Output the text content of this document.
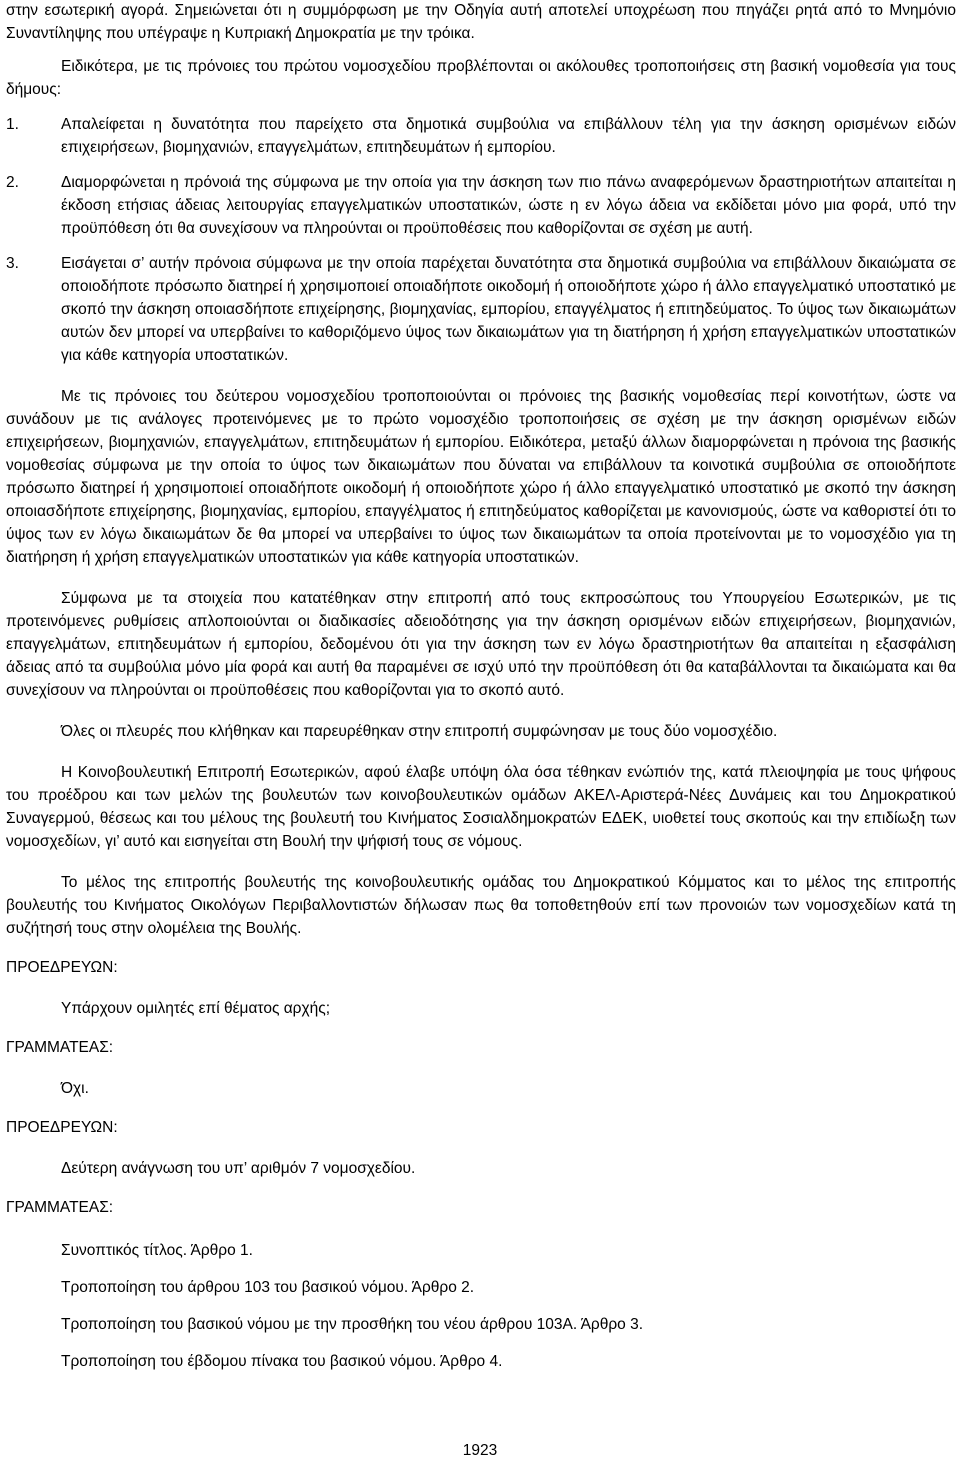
στην εσωτερική αγορά. Σημειώνεται ότι η συμμόρφωση με την Οδηγία αυτή αποτελεί υποχρέωση που πηγάζει ρητά από το Μνημόνιο Συναντίληψης που υπέγραψε η Κυπριακή Δημοκρατία με την τρόικα.

Ειδικότερα, με τις πρόνοιες του πρώτου νομοσχεδίου προβλέπονται οι ακόλουθες τροποποιήσεις στη βασική νομοθεσία για τους δήμους:

1.	Απαλείφεται η δυνατότητα που παρείχετο στα δημοτικά συμβούλια να επιβάλλουν τέλη για την άσκηση ορισμένων ειδών επιχειρήσεων, βιομηχανιών, επαγγελμάτων, επιτηδευμάτων ή εμπορίου.
2.	Διαμορφώνεται η πρόνοιά της σύμφωνα με την οποία για την άσκηση των πιο πάνω αναφερόμενων δραστηριοτήτων απαιτείται η έκδοση ετήσιας άδειας λειτουργίας επαγγελματικών υποστατικών, ώστε η εν λόγω άδεια να εκδίδεται μόνο μια φορά, υπό την προϋπόθεση ότι θα συνεχίσουν να πληρούνται οι προϋποθέσεις που καθορίζονται σε σχέση με αυτή.
3.	Εισάγεται σ’ αυτήν πρόνοια σύμφωνα με την οποία παρέχεται δυνατότητα στα δημοτικά συμβούλια να επιβάλλουν δικαιώματα σε οποιοδήποτε πρόσωπο διατηρεί ή χρησιμοποιεί οποιαδήποτε οικοδομή ή οποιοδήποτε χώρο ή άλλο επαγγελματικό υποστατικό με σκοπό την άσκηση οποιασδήποτε επιχείρησης, βιομηχανίας, εμπορίου, επαγγέλματος ή επιτηδεύματος. Το ύψος των δικαιωμάτων αυτών δεν μπορεί να υπερβαίνει το καθοριζόμενο ύψος των δικαιωμάτων για τη διατήρηση ή χρήση επαγγελματικών υποστατικών για κάθε κατηγορία υποστατικών.

Με τις πρόνοιες του δεύτερου νομοσχεδίου τροποποιούνται οι πρόνοιες της βασικής νομοθεσίας περί κοινοτήτων, ώστε να συνάδουν με τις ανάλογες προτεινόμενες με το πρώτο νομοσχέδιο τροποποιήσεις σε σχέση με την άσκηση ορισμένων ειδών επιχειρήσεων, βιομηχανιών, επαγγελμάτων, επιτηδευμάτων ή εμπορίου. Ειδικότερα, μεταξύ άλλων διαμορφώνεται η πρόνοια της βασικής νομοθεσίας σύμφωνα με την οποία το ύψος των δικαιωμάτων που δύναται να επιβάλλουν τα κοινοτικά συμβούλια σε οποιοδήποτε πρόσωπο διατηρεί ή χρησιμοποιεί οποιαδήποτε οικοδομή ή οποιοδήποτε χώρο ή άλλο επαγγελματικό υποστατικό με σκοπό την άσκηση οποιασδήποτε επιχείρησης, βιομηχανίας, εμπορίου, επαγγέλματος ή επιτηδεύματος καθορίζεται με κανονισμούς, ώστε να καθοριστεί ότι το ύψος των εν λόγω δικαιωμάτων δε θα μπορεί να υπερβαίνει το ύψος των δικαιωμάτων τα οποία προτείνονται με το νομοσχέδιο για τη διατήρηση ή χρήση επαγγελματικών υποστατικών για κάθε κατηγορία υποστατικών.

Σύμφωνα με τα στοιχεία που κατατέθηκαν στην επιτροπή από τους εκπροσώπους του Υπουργείου Εσωτερικών, με τις προτεινόμενες ρυθμίσεις απλοποιούνται οι διαδικασίες αδειοδότησης για την άσκηση ορισμένων ειδών επιχειρήσεων, βιομηχανιών, επαγγελμάτων, επιτηδευμάτων ή εμπορίου, δεδομένου ότι για την άσκηση των εν λόγω δραστηριοτήτων θα απαιτείται η εξασφάλιση άδειας από τα συμβούλια μόνο μία φορά και αυτή θα παραμένει σε ισχύ υπό την προϋπόθεση ότι θα καταβάλλονται τα δικαιώματα και θα συνεχίσουν να πληρούνται οι προϋποθέσεις που καθορίζονται για το σκοπό αυτό.

Όλες οι πλευρές που κλήθηκαν και παρευρέθηκαν στην επιτροπή συμφώνησαν με τους δύο νομοσχέδιο.

Η Κοινοβουλευτική Επιτροπή Εσωτερικών, αφού έλαβε υπόψη όλα όσα τέθηκαν ενώπιόν της, κατά πλειοψηφία με τους ψήφους του προέδρου και των μελών της βουλευτών των κοινοβουλευτικών ομάδων ΑΚΕΛ-Αριστερά-Νέες Δυνάμεις και του Δημοκρατικού Συναγερμού, θέσεως και του μέλους της βουλευτή του Κινήματος Σοσιαλδημοκρατών ΕΔΕΚ, υιοθετεί τους σκοπούς και την επιδίωξη των νομοσχεδίων, γι’ αυτό και εισηγείται στη Βουλή την ψήφισή τους σε νόμους.

Το μέλος της επιτροπής βουλευτής της κοινοβουλευτικής ομάδας του Δημοκρατικού Κόμματος και το μέλος της επιτροπής βουλευτής του Κινήματος Οικολόγων Περιβαλλοντιστών δήλωσαν πως θα τοποθετηθούν επί των προνοιών των νομοσχεδίων κατά τη συζήτησή τους στην ολομέλεια της Βουλής.

ΠΡΟΕΔΡΕΥΩΝ:
Υπάρχουν ομιλητές επί θέματος αρχής;
ΓΡΑΜΜΑΤΕΑΣ:
Όχι.
ΠΡΟΕΔΡΕΥΩΝ:
Δεύτερη ανάγνωση του υπ’ αριθμόν 7 νομοσχεδίου.
ΓΡΑΜΜΑΤΕΑΣ:
Συνοπτικός τίτλος. Άρθρο 1.
Τροποποίηση του άρθρου 103 του βασικού νόμου. Άρθρο 2.
Τροποποίηση του βασικού νόμου με την προσθήκη του νέου άρθρου 103Α. Άρθρο 3.
Τροποποίηση του έβδομου πίνακα του βασικού νόμου. Άρθρο 4.
1923
